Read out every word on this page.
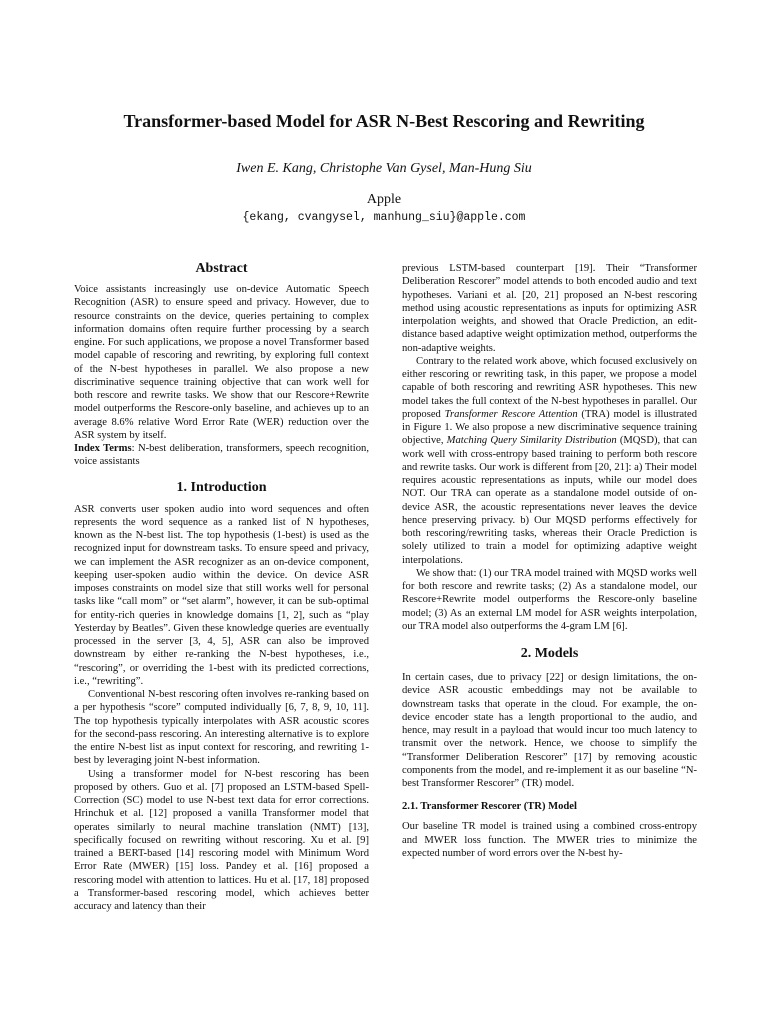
Transformer-based Model for ASR N-Best Rescoring and Rewriting
Iwen E. Kang, Christophe Van Gysel, Man-Hung Siu
Apple
{ekang, cvangysel, manhung_siu}@apple.com
Abstract

Voice assistants increasingly use on-device Automatic Speech Recognition (ASR) to ensure speed and privacy. However, due to resource constraints on the device, queries pertaining to complex information domains often require further processing by a search engine. For such applications, we propose a novel Transformer based model capable of rescoring and rewriting, by exploring full context of the N-best hypotheses in parallel. We also propose a new discriminative sequence training objective that can work well for both rescore and rewrite tasks. We show that our Rescore+Rewrite model outperforms the Rescore-only baseline, and achieves up to an average 8.6% relative Word Error Rate (WER) reduction over the ASR system by itself.

Index Terms: N-best deliberation, transformers, speech recognition, voice assistants

1. Introduction

ASR converts user spoken audio into word sequences and often represents the word sequence as a ranked list of N hypotheses, known as the N-best list. The top hypothesis (1-best) is used as the recognized input for downstream tasks. To ensure speed and privacy, we can implement the ASR recognizer as an on-device component, keeping user-spoken audio within the device. On device ASR imposes constraints on model size that still works well for personal tasks like “call mom” or “set alarm”, however, it can be sub-optimal for entity-rich queries in knowledge domains [1, 2], such as “play Yesterday by Beatles”. Given these knowledge queries are eventually processed in the server [3, 4, 5], ASR can also be improved downstream by either re-ranking the N-best hypotheses, i.e., “rescoring”, or overriding the 1-best with its predicted corrections, i.e., “rewriting”.

Conventional N-best rescoring often involves re-ranking based on a per hypothesis “score” computed individually [6, 7, 8, 9, 10, 11]. The top hypothesis typically interpolates with ASR acoustic scores for the second-pass rescoring. An interesting alternative is to explore the entire N-best list as input context for rescoring, and rewriting 1-best by leveraging joint N-best information.

Using a transformer model for N-best rescoring has been proposed by others. Guo et al. [7] proposed an LSTM-based Spell-Correction (SC) model to use N-best text data for error corrections. Hrinchuk et al. [12] proposed a vanilla Transformer model that operates similarly to neural machine translation (NMT) [13], specifically focused on rewriting without rescoring. Xu et al. [9] trained a BERT-based [14] rescoring model with Minimum Word Error Rate (MWER) [15] loss. Pandey et al. [16] proposed a rescoring model with attention to lattices. Hu et al. [17, 18] proposed a Transformer-based rescoring model, which achieves better accuracy and latency than their

previous LSTM-based counterpart [19]. Their “Transformer Deliberation Rescorer” model attends to both encoded audio and text hypotheses. Variani et al. [20, 21] proposed an N-best rescoring method using acoustic representations as inputs for optimizing ASR interpolation weights, and showed that Oracle Prediction, an edit-distance based adaptive weight optimization method, outperforms the non-adaptive weights.

Contrary to the related work above, which focused exclusively on either rescoring or rewriting task, in this paper, we propose a model capable of both rescoring and rewriting ASR hypotheses. This new model takes the full context of the N-best hypotheses in parallel. Our proposed Transformer Rescore Attention (TRA) model is illustrated in Figure 1. We also propose a new discriminative sequence training objective, Matching Query Similarity Distribution (MQSD), that can work well with cross-entropy based training to perform both rescore and rewrite tasks. Our work is different from [20, 21]: a) Their model requires acoustic representations as inputs, while our model does NOT. Our TRA can operate as a standalone model outside of on-device ASR, the acoustic representations never leaves the device hence preserving privacy. b) Our MQSD performs effectively for both rescoring/rewriting tasks, whereas their Oracle Prediction is solely utilized to train a model for optimizing adaptive weight interpolations.

We show that: (1) our TRA model trained with MQSD works well for both rescore and rewrite tasks; (2) As a standalone model, our Rescore+Rewrite model outperforms the Rescore-only baseline model; (3) As an external LM model for ASR weights interpolation, our TRA model also outperforms the 4-gram LM [6].

2. Models

In certain cases, due to privacy [22] or design limitations, the on-device ASR acoustic embeddings may not be available to downstream tasks that operate in the cloud. For example, the on-device encoder state has a length proportional to the audio, and hence, may result in a payload that would incur too much latency to transmit over the network. Hence, we choose to simplify the “Transformer Deliberation Rescorer” [17] by removing acoustic components from the model, and re-implement it as our baseline “N-best Transformer Rescorer” (TR) model.

2.1. Transformer Rescorer (TR) Model

Our baseline TR model is trained using a combined cross-entropy and MWER loss function. The MWER tries to minimize the expected number of word errors over the N-best hy-
